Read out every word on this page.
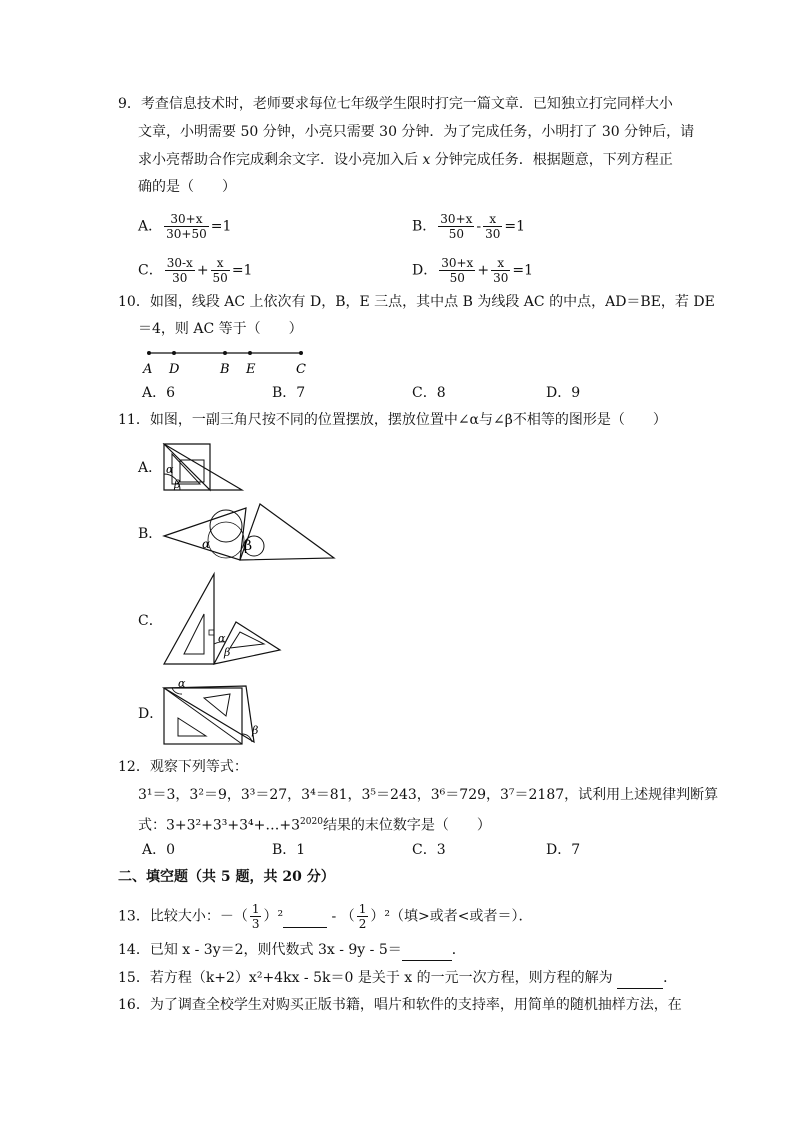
9．考查信息技术时，老师要求每位七年级学生限时打完一篇文章．已知独立打完同样大小
文章，小明需要 50 分钟，小亮只需要 30 分钟．为了完成任务，小明打了 30 分钟后，请
求小亮帮助合作完成剩余文字．设小亮加入后 x 分钟完成任务．根据题意，下列方程正
确的是（　　）
A． $\frac{30+x}{30+50} =1$	B． $\frac{30+x}{50} - \frac{x}{30} =1$
C． $\frac{30-x}{30} + \frac{x}{50} =1$	D． $\frac{30+x}{50} + \frac{x}{30} =1$
10．如图，线段 AC 上依次有 D，B，E 三点，其中点 B 为线段 AC 的中点，AD＝BE，若 DE
＝4，则 AC 等于（　　）
A D	B E	C
A．6	B．7	C．8	D．9
11．如图，一副三角尺按不同的位置摆放，摆放位置中∠α与∠β不相等的图形是（　　）
A． α
β
B．
α β
C．
α
β
D．
α
β
12．观察下列等式：
3¹＝3，3²＝9，3³＝27，3⁴＝81，3⁵＝243，3⁶＝729，3⁷＝2187，试利用上述规律判断算
式：$3+3^2+3^3+3^4+\dots+3^{2020}$结果的末位数字是（　　）
A．0	B．1	C．3	D．7
二、填空题（共 5 题，共 20 分）
13．比较大小：－（ $\frac{1}{3} )^2$	- （ $\frac{1}{2} )^2$（填>或者<或者＝）．
14．已知 x - 3y＝2，则代数式 3x - 9y - 5＝	．
15．若方程（k+2）x²+4kx - 5k＝0 是关于 x 的一元一次方程，则方程的解为	．
16．为了调查全校学生对购买正版书籍，唱片和软件的支持率，用简单的随机抽样方法，在
